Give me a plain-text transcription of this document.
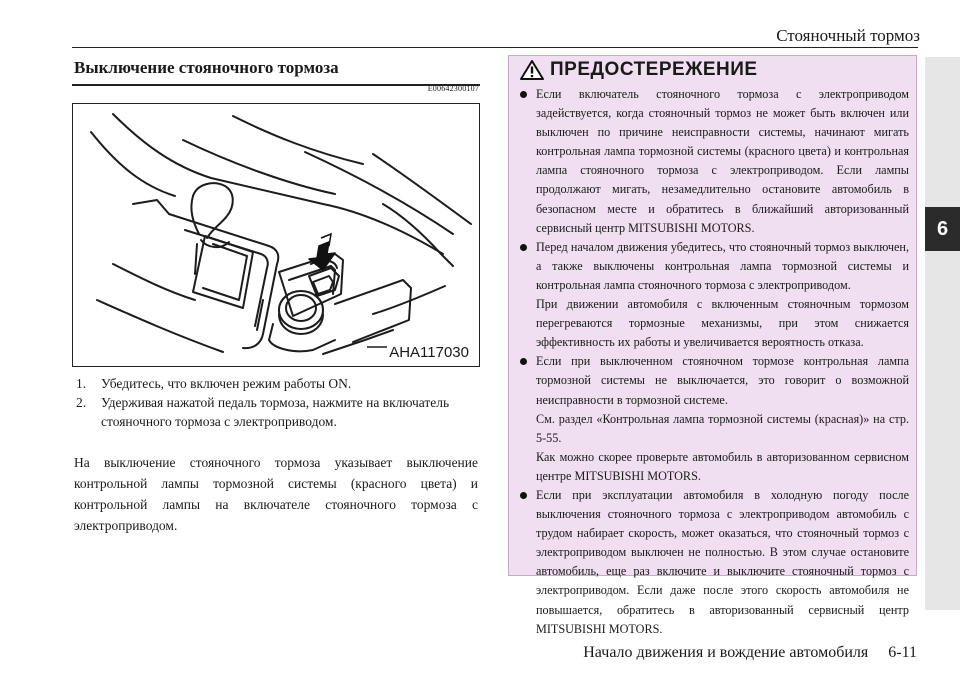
Стояночный тормоз
6
Выключение стояночного тормоза
E00642300107
AHA117030
1.	Убедитесь, что включен режим работы ON.
2.	Удерживая нажатой педаль тормоза, нажмите на включатель стояночного тормоза с электроприводом.

На выключение стояночного тормоза указывает выключение контрольной лампы тормозной системы (красного цвета) и контрольной лампы на включателе стояночного тормоза с электроприводом.

ПРЕДОСТЕРЕЖЕНИЕ

Если включатель стояночного тормоза с электроприводом задействуется, когда стояночный тормоз не может быть включен или выключен по причине неисправности системы, начинают мигать контрольная лампа тормозной системы (красного цвета) и контрольная лампа стояночного тормоза с электроприводом. Если лампы продолжают мигать, незамедлительно остановите автомобиль в безопасном месте и обратитесь в ближайший авторизованный сервисный центр MITSUBISHI MOTORS.

Перед началом движения убедитесь, что стояночный тормоз выключен, а также выключены контрольная лампа тормозной системы и контрольная лампа стояночного тормоза с электроприводом.

При движении автомобиля с включенным стояночным тормозом перегреваются тормозные механизмы, при этом снижается эффективность их работы и увеличивается вероятность отказа.

Если при выключенном стояночном тормозе контрольная лампа тормозной системы не выключается, это говорит о возможной неисправности в тормозной системе.

См. раздел «Контрольная лампа тормозной системы (красная)» на стр. 5-55.

Как можно скорее проверьте автомобиль в авторизованном сервисном центре MITSUBISHI MOTORS.

Если при эксплуатации автомобиля в холодную погоду после выключения стояночного тормоза с электроприводом автомобиль с трудом набирает скорость, может оказаться, что стояночный тормоз с электроприводом выключен не полностью. В этом случае остановите автомобиль, еще раз включите и выключите стояночный тормоз с электроприводом. Если даже после этого скорость автомобиля не повышается, обратитесь в авторизованный сервисный центр MITSUBISHI MOTORS.

Начало движения и вождение автомобиля 6-11
